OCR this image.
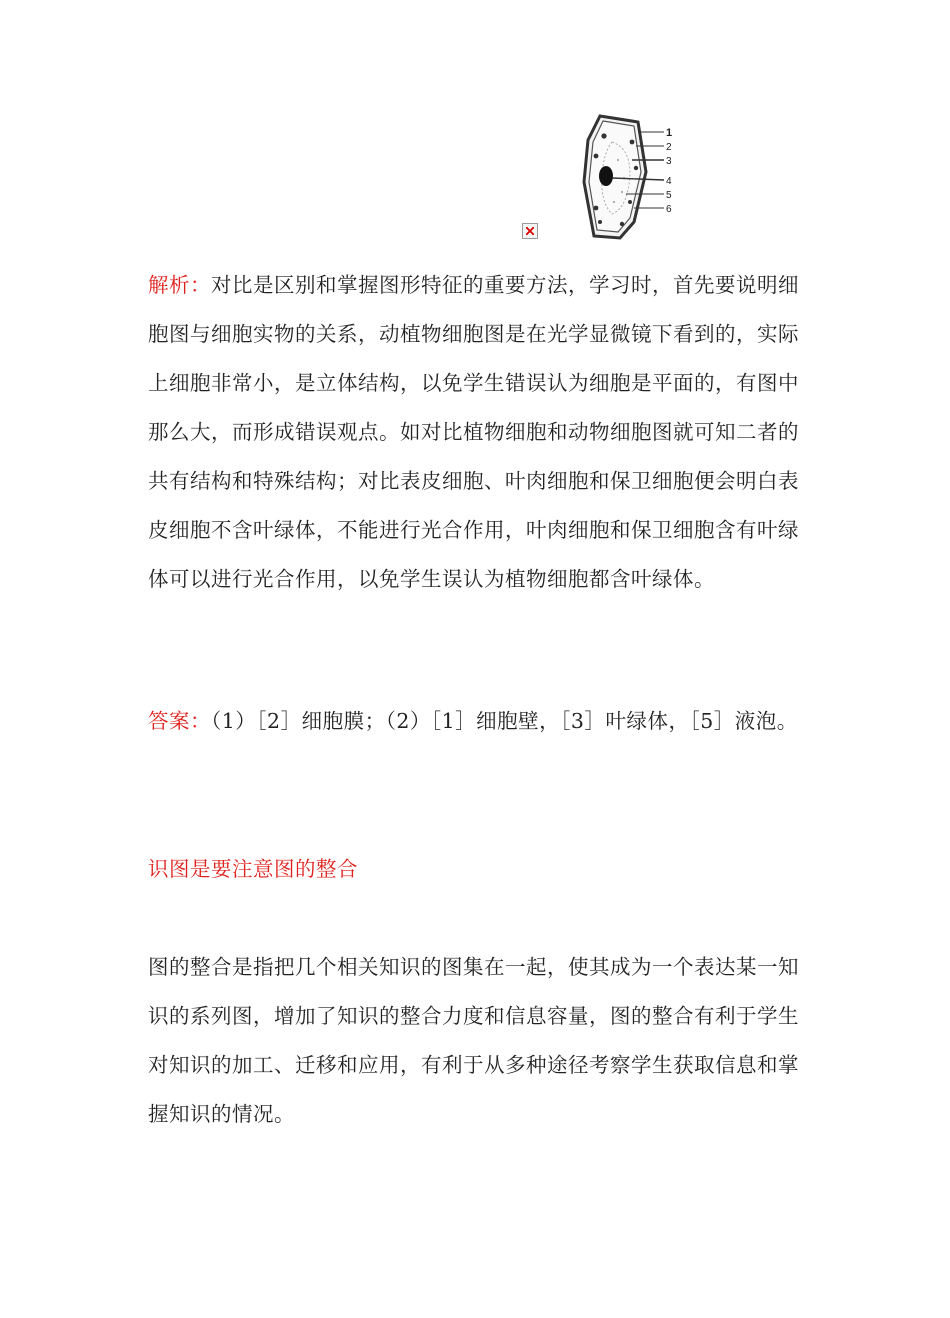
1
2
3
4
5
6

解析：对比是区别和掌握图形特征的重要方法，学习时，首先要说明细胞图与细胞实物的关系，动植物细胞图是在光学显微镜下看到的，实际上细胞非常小，是立体结构，以免学生错误认为细胞是平面的，有图中那么大，而形成错误观点。如对比植物细胞和动物细胞图就可知二者的共有结构和特殊结构；对比表皮细胞、叶肉细胞和保卫细胞便会明白表皮细胞不含叶绿体，不能进行光合作用，叶肉细胞和保卫细胞含有叶绿体可以进行光合作用，以免学生误认为植物细胞都含叶绿体。

答案：（1）［2］细胞膜；（2）［1］细胞壁，［3］叶绿体，［5］液泡。

识图是要注意图的整合

图的整合是指把几个相关知识的图集在一起，使其成为一个表达某一知识的系列图，增加了知识的整合力度和信息容量，图的整合有利于学生对知识的加工、迁移和应用，有利于从多种途径考察学生获取信息和掌握知识的情况。
